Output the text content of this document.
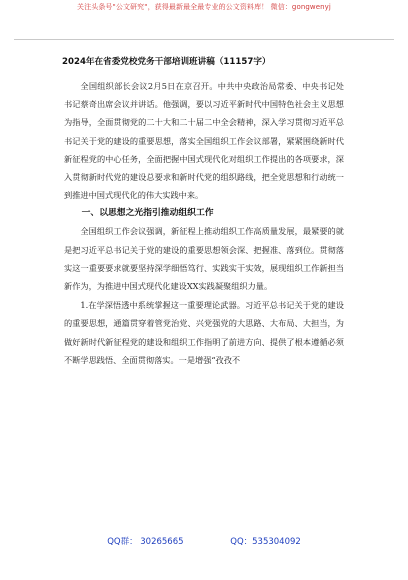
关注头条号"公文研究"，获得最新最全最专业的公文资料库！ 微信：gongwenyj
2024年在省委党校党务干部培训班讲稿（11157字）

全国组织部长会议2月5日在京召开。中共中央政治局常委、中央书记处书记蔡奇出席会议并讲话。他强调，要以习近平新时代中国特色社会主义思想为指导，全面贯彻党的二十大和二十届二中全会精神，深入学习贯彻习近平总书记关于党的建设的重要思想，落实全国组织工作会议部署，紧紧围绕新时代新征程党的中心任务，全面把握中国式现代化对组织工作提出的各项要求，深入贯彻新时代党的建设总要求和新时代党的组织路线，把全党思想和行动统一到推进中国式现代化的伟大实践中来。

一、以思想之光指引推动组织工作

全国组织工作会议强调，新征程上推动组织工作高质量发展，最紧要的就是把习近平总书记关于党的建设的重要思想领会深、把握准、落到位。贯彻落实这一重要要求就要坚持深学细悟笃行、实践实干实效，展现组织工作新担当新作为，为推进中国式现代化建设XX实践凝聚组织力量。

1.在学深悟透中系统掌握这一重要理论武器。习近平总书记关于党的建设的重要思想，通篇贯穿着管党治党、兴党强党的大思路、大布局、大担当，为做好新时代新征程党的建设和组织工作指明了前进方向、提供了根本遵循必须不断学思践悟、全面贯彻落实。一是增强“孜孜不

QQ群： 30265665	QQ：535304092
